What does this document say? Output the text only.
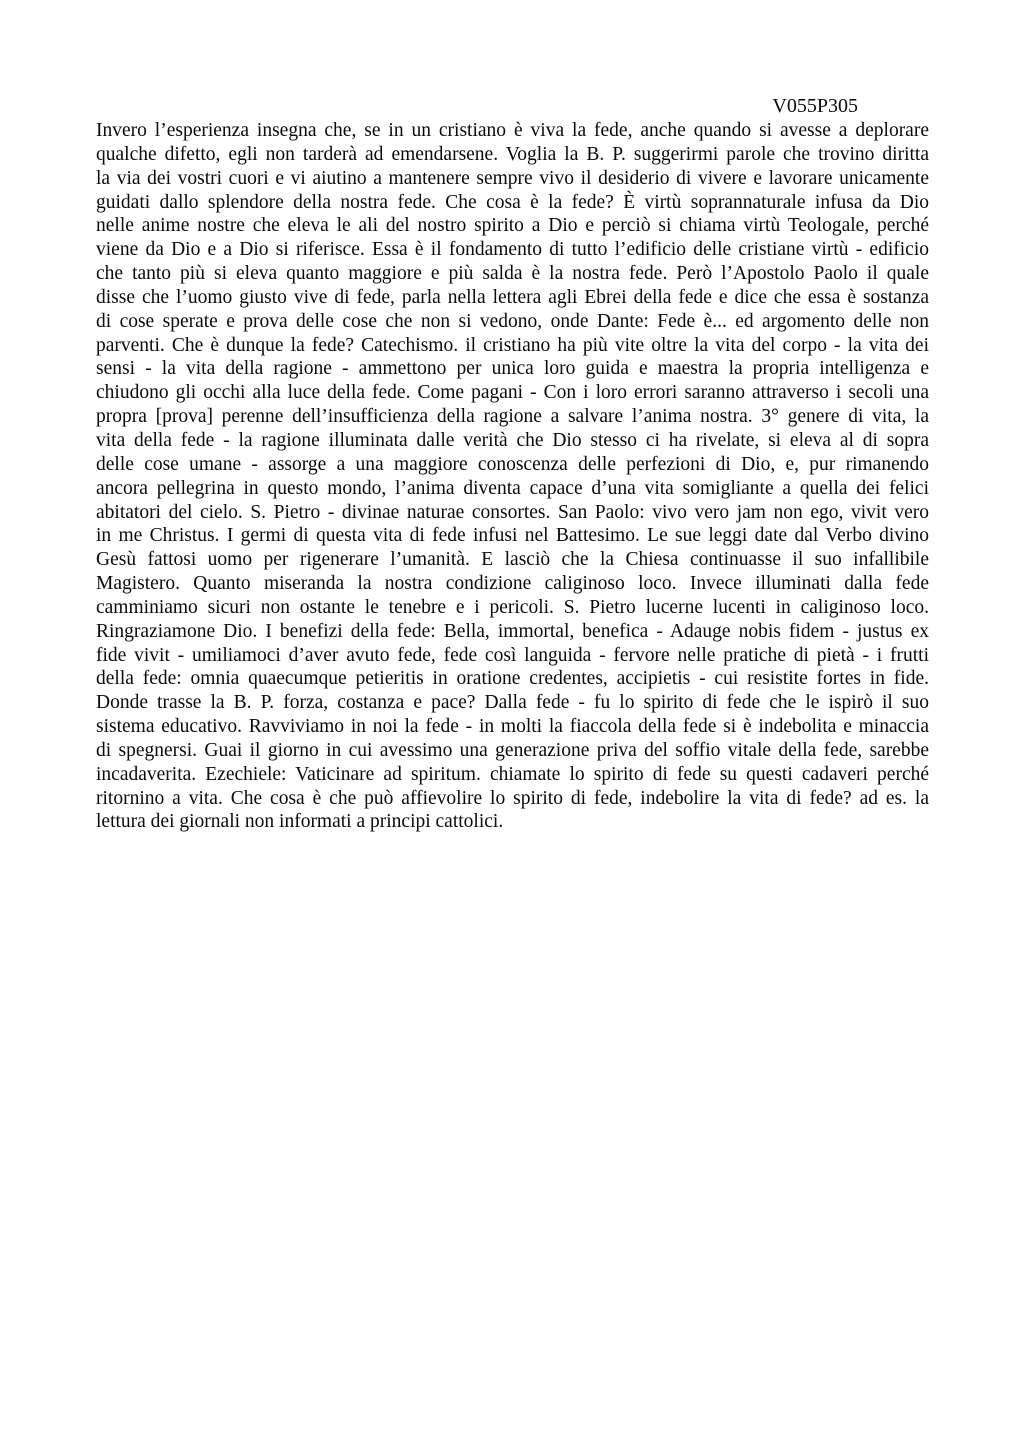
V055P305
Invero l’esperienza insegna che, se in un cristiano è viva la fede, anche quando si avesse a deplorare
qualche difetto, egli non tarderà ad emendarsene. Voglia la B. P. suggerirmi parole che trovino diritta
la via dei vostri cuori e vi aiutino a mantenere sempre vivo il desiderio di vivere e lavorare unicamente
guidati dallo splendore della nostra fede. Che cosa è la fede? È virtù soprannaturale infusa da Dio
nelle anime nostre che eleva le ali del nostro spirito a Dio e perciò si chiama virtù Teologale, perché
viene da Dio e a Dio si riferisce. Essa è il fondamento di tutto l’edificio delle cristiane virtù - edificio
che tanto più si eleva quanto maggiore e più salda è la nostra fede. Però l’Apostolo Paolo il quale
disse che l’uomo giusto vive di fede, parla nella lettera agli Ebrei della fede e dice che essa è sostanza
di cose sperate e prova delle cose che non si vedono, onde Dante: Fede è... ed argomento delle non
parventi. Che è dunque la fede? Catechismo. il cristiano ha più vite oltre la vita del corpo - la vita dei
sensi - la vita della ragione - ammettono per unica loro guida e maestra la propria intelligenza e
chiudono gli occhi alla luce della fede. Come pagani - Con i loro errori saranno attraverso i secoli una
propra [prova] perenne dell’insufficienza della ragione a salvare l’anima nostra. 3° genere di vita, la
vita della fede - la ragione illuminata dalle verità che Dio stesso ci ha rivelate, si eleva al di sopra
delle cose umane - assorge a una maggiore conoscenza delle perfezioni di Dio, e, pur rimanendo
ancora pellegrina in questo mondo, l’anima diventa capace d’una vita somigliante a quella dei felici
abitatori del cielo. S. Pietro - divinae naturae consortes. San Paolo: vivo vero jam non ego, vivit vero
in me Christus. I germi di questa vita di fede infusi nel Battesimo. Le sue leggi date dal Verbo divino
Gesù fattosi uomo per rigenerare l’umanità. E lasciò che la Chiesa continuasse il suo infallibile
Magistero. Quanto miseranda la nostra condizione caliginoso loco. Invece illuminati dalla fede
camminiamo sicuri non ostante le tenebre e i pericoli. S. Pietro lucerne lucenti in caliginoso loco.
Ringraziamone Dio. I benefizi della fede: Bella, immortal, benefica - Adauge nobis fidem - justus ex
fide vivit - umiliamoci d’aver avuto fede, fede così languida - fervore nelle pratiche di pietà - i frutti
della fede: omnia quaecumque petieritis in oratione credentes, accipietis - cui resistite fortes in fide.
Donde trasse la B. P. forza, costanza e pace? Dalla fede - fu lo spirito di fede che le ispirò il suo
sistema educativo. Ravviviamo in noi la fede - in molti la fiaccola della fede si è indebolita e minaccia
di spegnersi. Guai il giorno in cui avessimo una generazione priva del soffio vitale della fede, sarebbe
incadaverita. Ezechiele: Vaticinare ad spiritum. chiamate lo spirito di fede su questi cadaveri perché
ritornino a vita. Che cosa è che può affievolire lo spirito di fede, indebolire la vita di fede? ad es. la
lettura dei giornali non informati a principi cattolici.
